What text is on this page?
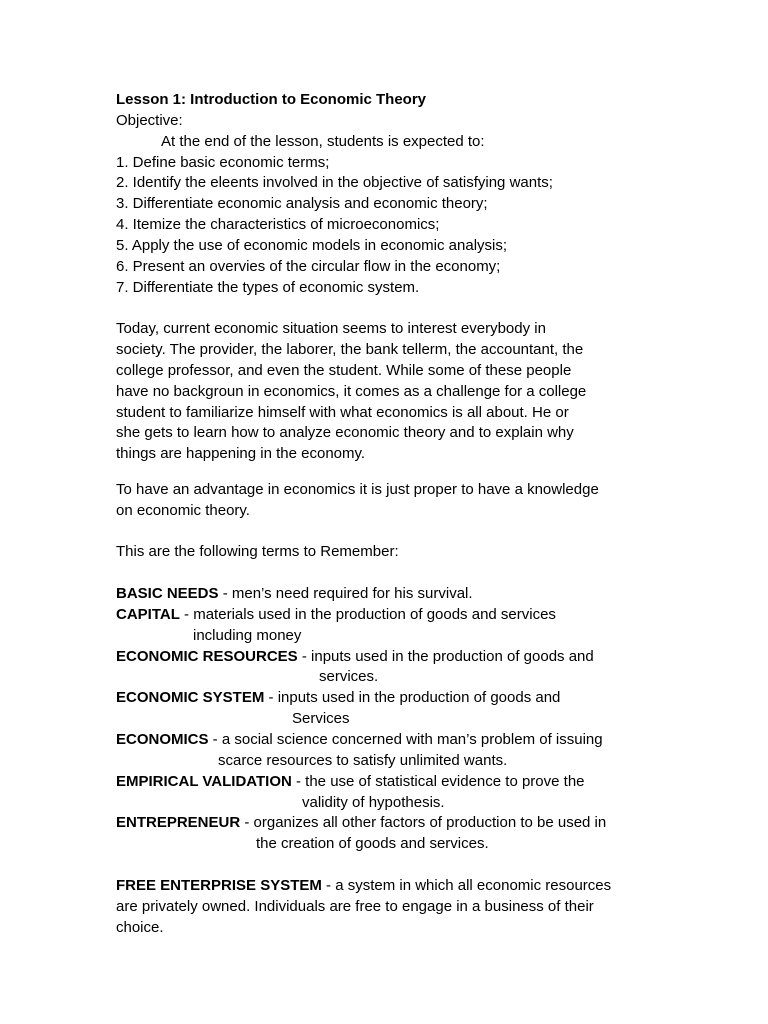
Lesson 1: Introduction to Economic Theory
Objective:
At the end of the lesson, students is expected to:
1. Define basic economic terms;
2. Identify the eleents involved in the objective of satisfying wants;
3. Differentiate economic analysis and economic theory;
4. Itemize the characteristics of microeconomics;
5. Apply the use of economic models in economic analysis;
6. Present an overvies of the circular flow in the economy;
7. Differentiate the types of economic system.
Today, current economic situation seems to interest everybody in
society. The provider, the laborer, the bank tellerm, the accountant, the
college professor, and even the student. While some of these people
have no backgroun in economics, it comes as a challenge for a college
student to familiarize himself with what economics is all about. He or
she gets to learn how to analyze economic theory and to explain why
things are happening in the economy.
To have an advantage in economics it is just proper to have a knowledge
on economic theory.
This are the following terms to Remember:
BASIC NEEDS - men’s need required for his survival.
CAPITAL - materials used in the production of goods and services
including money
ECONOMIC RESOURCES - inputs used in the production of goods and
services.
ECONOMIC SYSTEM - inputs used in the production of goods and
Services
ECONOMICS - a social science concerned with man’s problem of issuing
scarce resources to satisfy unlimited wants.
EMPIRICAL VALIDATION - the use of statistical evidence to prove the
validity of hypothesis.
ENTREPRENEUR - organizes all other factors of production to be used in
the creation of goods and services.
FREE ENTERPRISE SYSTEM - a system in which all economic resources
are privately owned. Individuals are free to engage in a business of their
choice.
